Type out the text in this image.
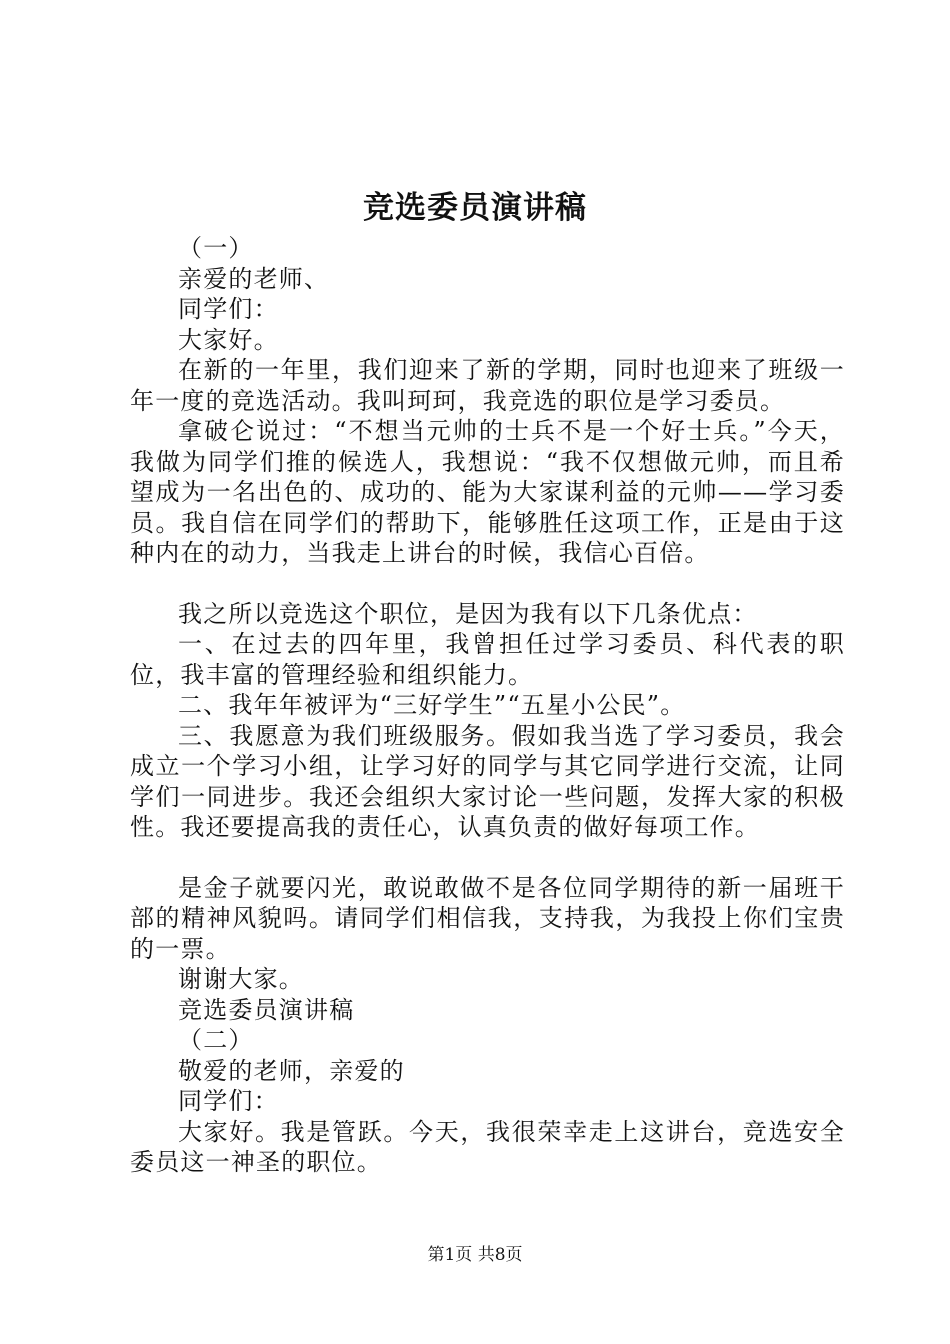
竞选委员演讲稿
（一）
亲爱的老师、
同学们：
大家好。
在新的一年里，我们迎来了新的学期，同时也迎来了班级一年一度的竞选活动。我叫珂珂，我竞选的职位是学习委员。
拿破仑说过：“不想当元帅的士兵不是一个好士兵。”今天，我做为同学们推的候选人，我想说：“我不仅想做元帅，而且希望成为一名出色的、成功的、能为大家谋利益的元帅——学习委员。我自信在同学们的帮助下，能够胜任这项工作，正是由于这种内在的动力，当我走上讲台的时候，我信心百倍。
我之所以竞选这个职位，是因为我有以下几条优点：
一、在过去的四年里，我曾担任过学习委员、科代表的职位，我丰富的管理经验和组织能力。
二、我年年被评为“三好学生”“五星小公民”。
三、我愿意为我们班级服务。假如我当选了学习委员，我会成立一个学习小组，让学习好的同学与其它同学进行交流，让同学们一同进步。我还会组织大家讨论一些问题，发挥大家的积极性。我还要提高我的责任心，认真负责的做好每项工作。
是金子就要闪光，敢说敢做不是各位同学期待的新一届班干部的精神风貌吗。请同学们相信我，支持我，为我投上你们宝贵的一票。
谢谢大家。
竞选委员演讲稿
（二）
敬爱的老师，亲爱的
同学们：
大家好。我是管跃。今天，我很荣幸走上这讲台，竞选安全委员这一神圣的职位。
第1页 共8页
